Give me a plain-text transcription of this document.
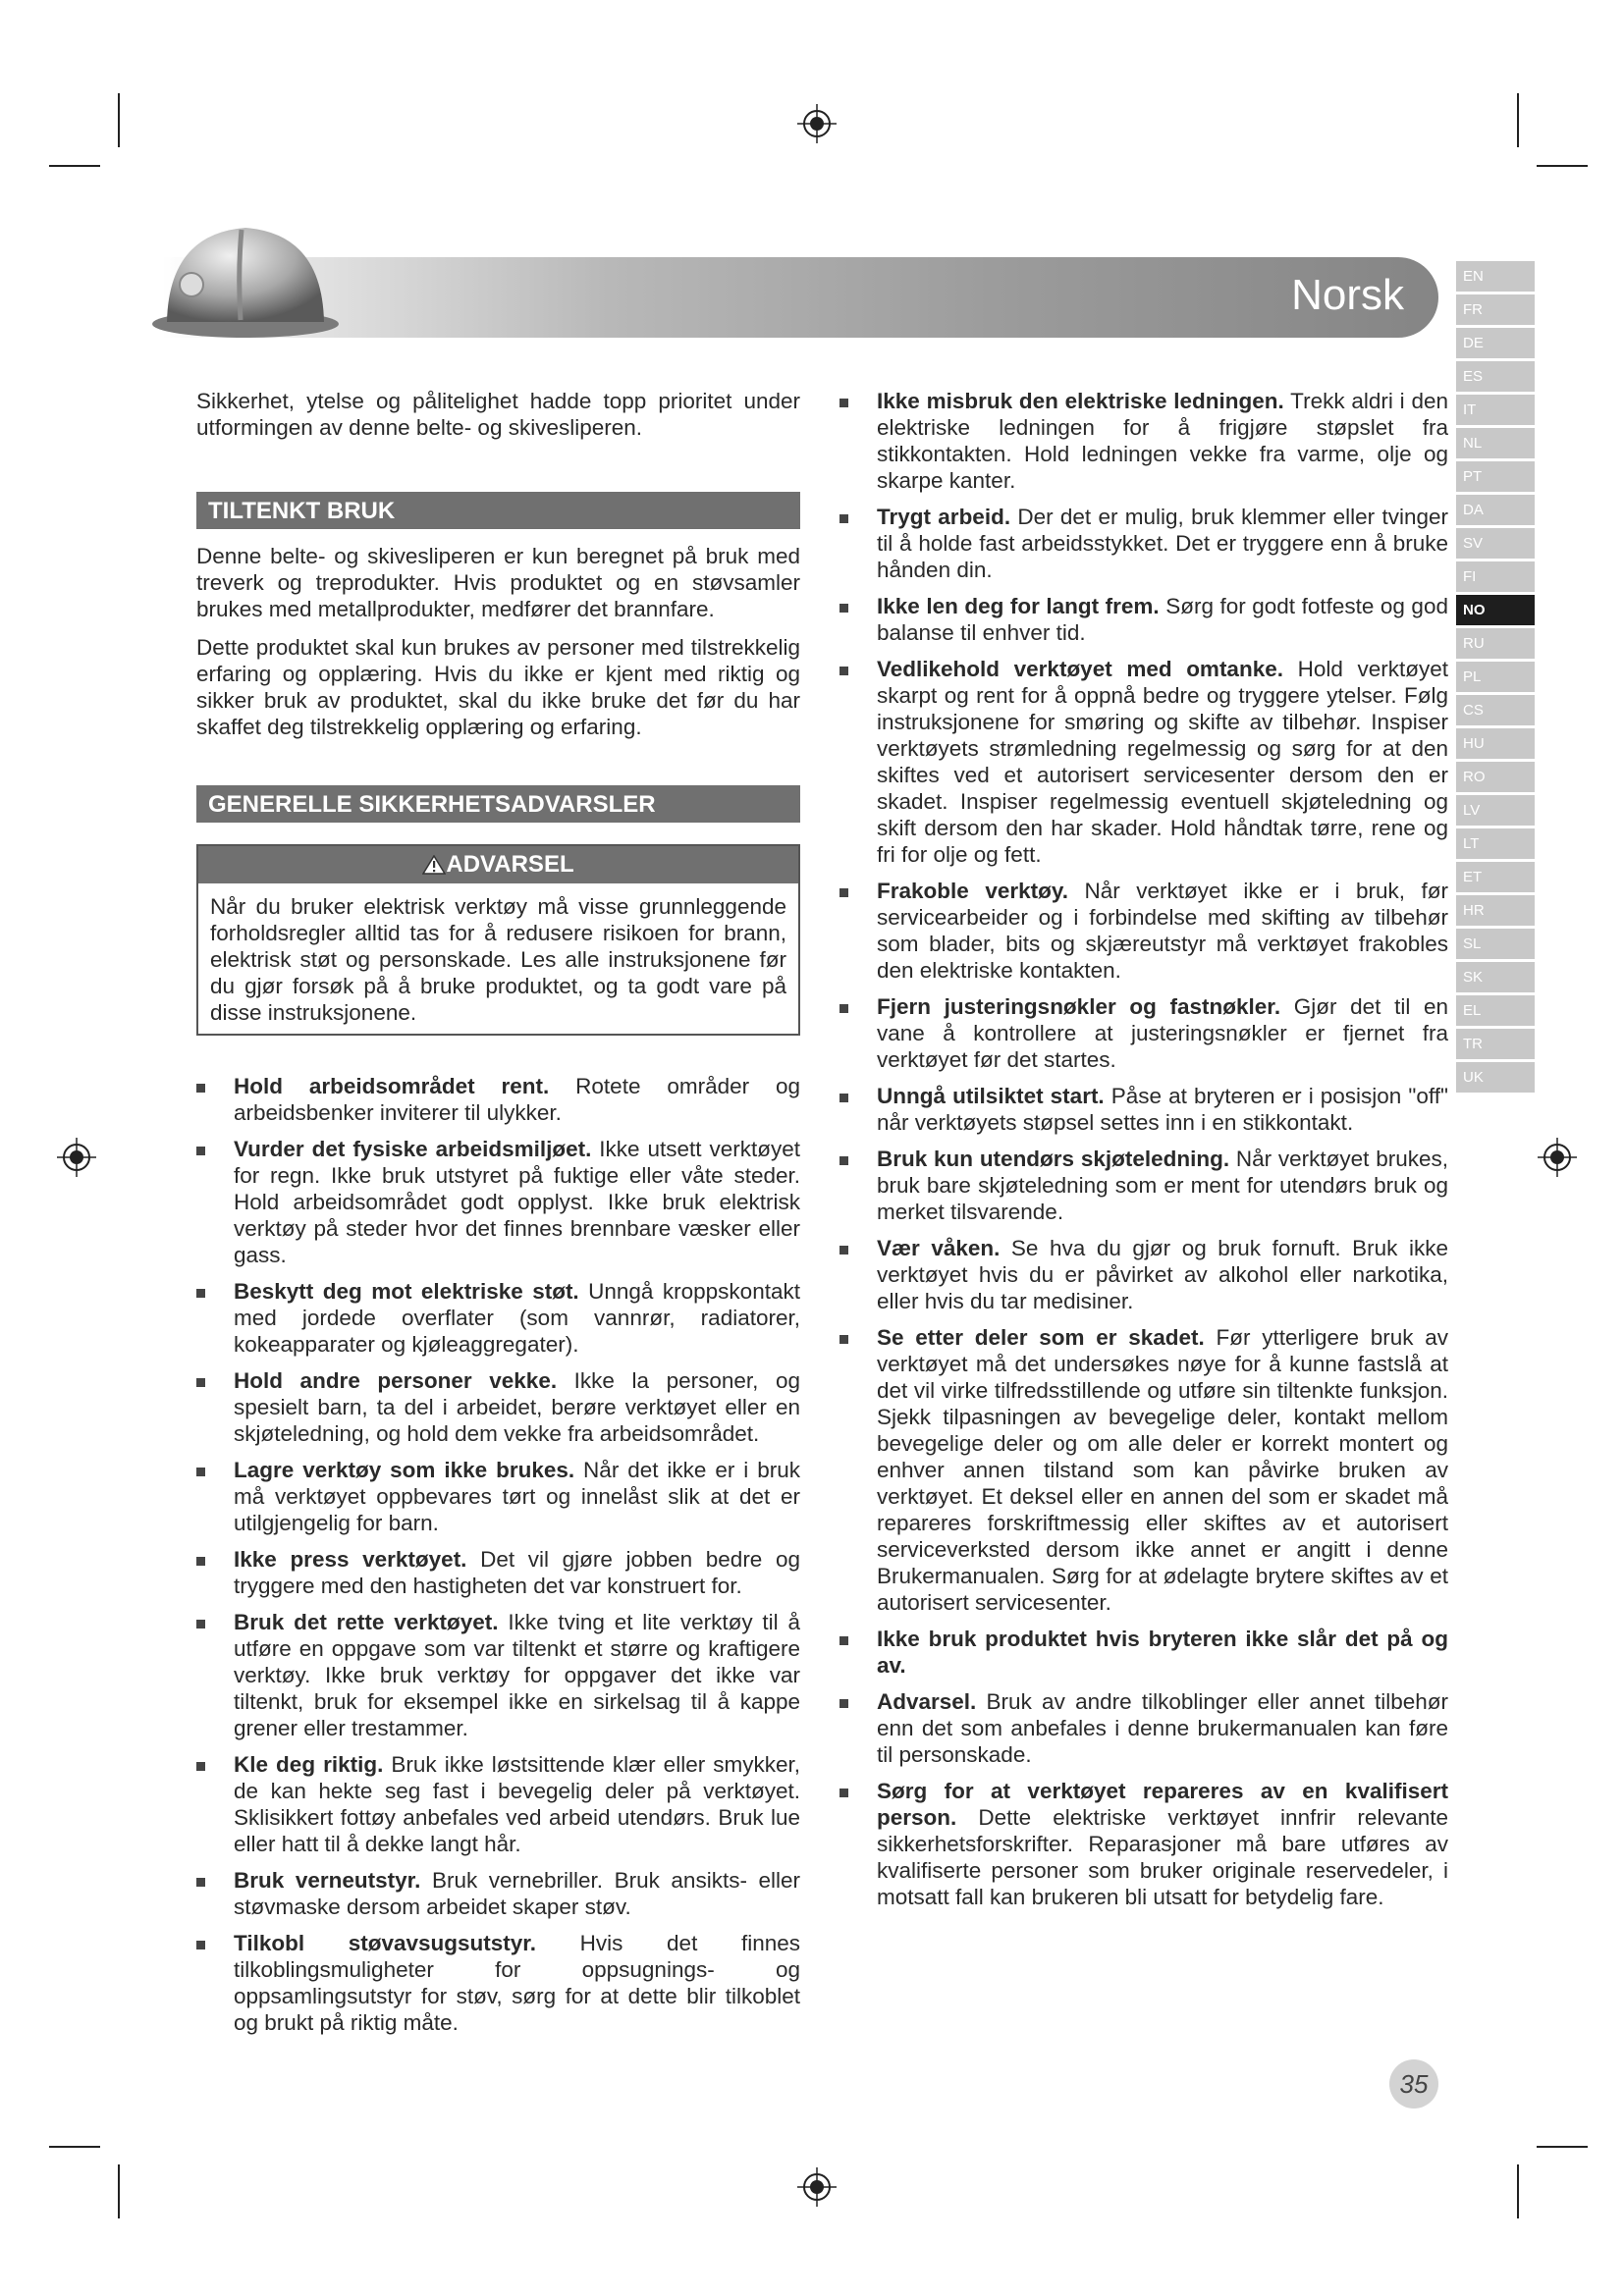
Norsk	EN
FR
DE
ES
IT
NL
PT
DA
SV
FI
NO
RU
PL
CS
HU
RO
LV
LT
ET
HR
SL
SK
EL
TR
UK

Sikkerhet, ytelse og pålitelighet hadde topp prioritet under utformingen av denne belte- og skivesliperen.

TILTENKT BRUK

Denne belte- og skivesliperen er kun beregnet på bruk med treverk og treprodukter. Hvis produktet og en støvsamler brukes med metallprodukter, medfører det brannfare.

Dette produktet skal kun brukes av personer med tilstrekkelig erfaring og opplæring. Hvis du ikke er kjent med riktig og sikker bruk av produktet, skal du ikke bruke det før du har skaffet deg tilstrekkelig opplæring og erfaring.

GENERELLE SIKKERHETSADVARSLER
ADVARSEL
Når du bruker elektrisk verktøy må visse grunnleggende forholdsregler alltid tas for å redusere risikoen for brann, elektrisk støt og personskade. Les alle instruksjonene før du gjør forsøk på å bruke produktet, og ta godt vare på disse instruksjonene.
Hold arbeidsområdet rent. Rotete områder og arbeidsbenker inviterer til ulykker.
Vurder det fysiske arbeidsmiljøet. Ikke utsett verktøyet for regn. Ikke bruk utstyret på fuktige eller våte steder. Hold arbeidsområdet godt opplyst. Ikke bruk elektrisk verktøy på steder hvor det finnes brennbare væsker eller gass.
Beskytt deg mot elektriske støt. Unngå kroppskontakt med jordede overflater (som vannrør, radiatorer, kokeapparater og kjøleaggregater).
Hold andre personer vekke. Ikke la personer, og spesielt barn, ta del i arbeidet, berøre verktøyet eller en skjøteledning, og hold dem vekke fra arbeidsområdet.
Lagre verktøy som ikke brukes. Når det ikke er i bruk må verktøyet oppbevares tørt og innelåst slik at det er utilgjengelig for barn.
Ikke press verktøyet. Det vil gjøre jobben bedre og tryggere med den hastigheten det var konstruert for.
Bruk det rette verktøyet. Ikke tving et lite verktøy til å utføre en oppgave som var tiltenkt et større og kraftigere verktøy. Ikke bruk verktøy for oppgaver det ikke var tiltenkt, bruk for eksempel ikke en sirkelsag til å kappe grener eller trestammer.
Kle deg riktig. Bruk ikke løstsittende klær eller smykker, de kan hekte seg fast i bevegelig deler på verktøyet. Sklisikkert fottøy anbefales ved arbeid utendørs. Bruk lue eller hatt til å dekke langt hår.
Bruk verneutstyr. Bruk vernebriller. Bruk ansikts- eller støvmaske dersom arbeidet skaper støv.
Tilkobl støvavsugsutstyr. Hvis det finnes tilkoblingsmuligheter for oppsugnings- og oppsamlingsutstyr for støv, sørg for at dette blir tilkoblet og brukt på riktig måte.
Ikke misbruk den elektriske ledningen. Trekk aldri i den elektriske ledningen for å frigjøre støpslet fra stikkontakten. Hold ledningen vekke fra varme, olje og skarpe kanter.
Trygt arbeid. Der det er mulig, bruk klemmer eller tvinger til å holde fast arbeidsstykket. Det er tryggere enn å bruke hånden din.
Ikke len deg for langt frem. Sørg for godt fotfeste og god balanse til enhver tid.
Vedlikehold verktøyet med omtanke. Hold verktøyet skarpt og rent for å oppnå bedre og tryggere ytelser. Følg instruksjonene for smøring og skifte av tilbehør. Inspiser verktøyets strømledning regelmessig og sørg for at den skiftes ved et autorisert servicesenter dersom den er skadet. Inspiser regelmessig eventuell skjøteledning og skift dersom den har skader. Hold håndtak tørre, rene og fri for olje og fett.
Frakoble verktøy. Når verktøyet ikke er i bruk, før servicearbeider og i forbindelse med skifting av tilbehør som blader, bits og skjæreutstyr må verktøyet frakobles den elektriske kontakten.
Fjern justeringsnøkler og fastnøkler. Gjør det til en vane å kontrollere at justeringsnøkler er fjernet fra verktøyet før det startes.
Unngå utilsiktet start. Påse at bryteren er i posisjon "off" når verktøyets støpsel settes inn i en stikkontakt.
Bruk kun utendørs skjøteledning. Når verktøyet brukes, bruk bare skjøteledning som er ment for utendørs bruk og merket tilsvarende.
Vær våken. Se hva du gjør og bruk fornuft. Bruk ikke verktøyet hvis du er påvirket av alkohol eller narkotika, eller hvis du tar medisiner.
Se etter deler som er skadet. Før ytterligere bruk av verktøyet må det undersøkes nøye for å kunne fastslå at det vil virke tilfredsstillende og utføre sin tiltenkte funksjon. Sjekk tilpasningen av bevegelige deler, kontakt mellom bevegelige deler og om alle deler er korrekt montert og enhver annen tilstand som kan påvirke bruken av verktøyet. Et deksel eller en annen del som er skadet må repareres forskriftmessig eller skiftes av et autorisert serviceverksted dersom ikke annet er angitt i denne Brukermanualen. Sørg for at ødelagte brytere skiftes av et autorisert servicesenter.
Ikke bruk produktet hvis bryteren ikke slår det på og av.
Advarsel. Bruk av andre tilkoblinger eller annet tilbehør enn det som anbefales i denne brukermanualen kan føre til personskade.
Sørg for at verktøyet repareres av en kvalifisert person. Dette elektriske verktøyet innfrir relevante sikkerhetsforskrifter. Reparasjoner må bare utføres av kvalifiserte personer som bruker originale reservedeler, i motsatt fall kan brukeren bli utsatt for betydelig fare.
35
